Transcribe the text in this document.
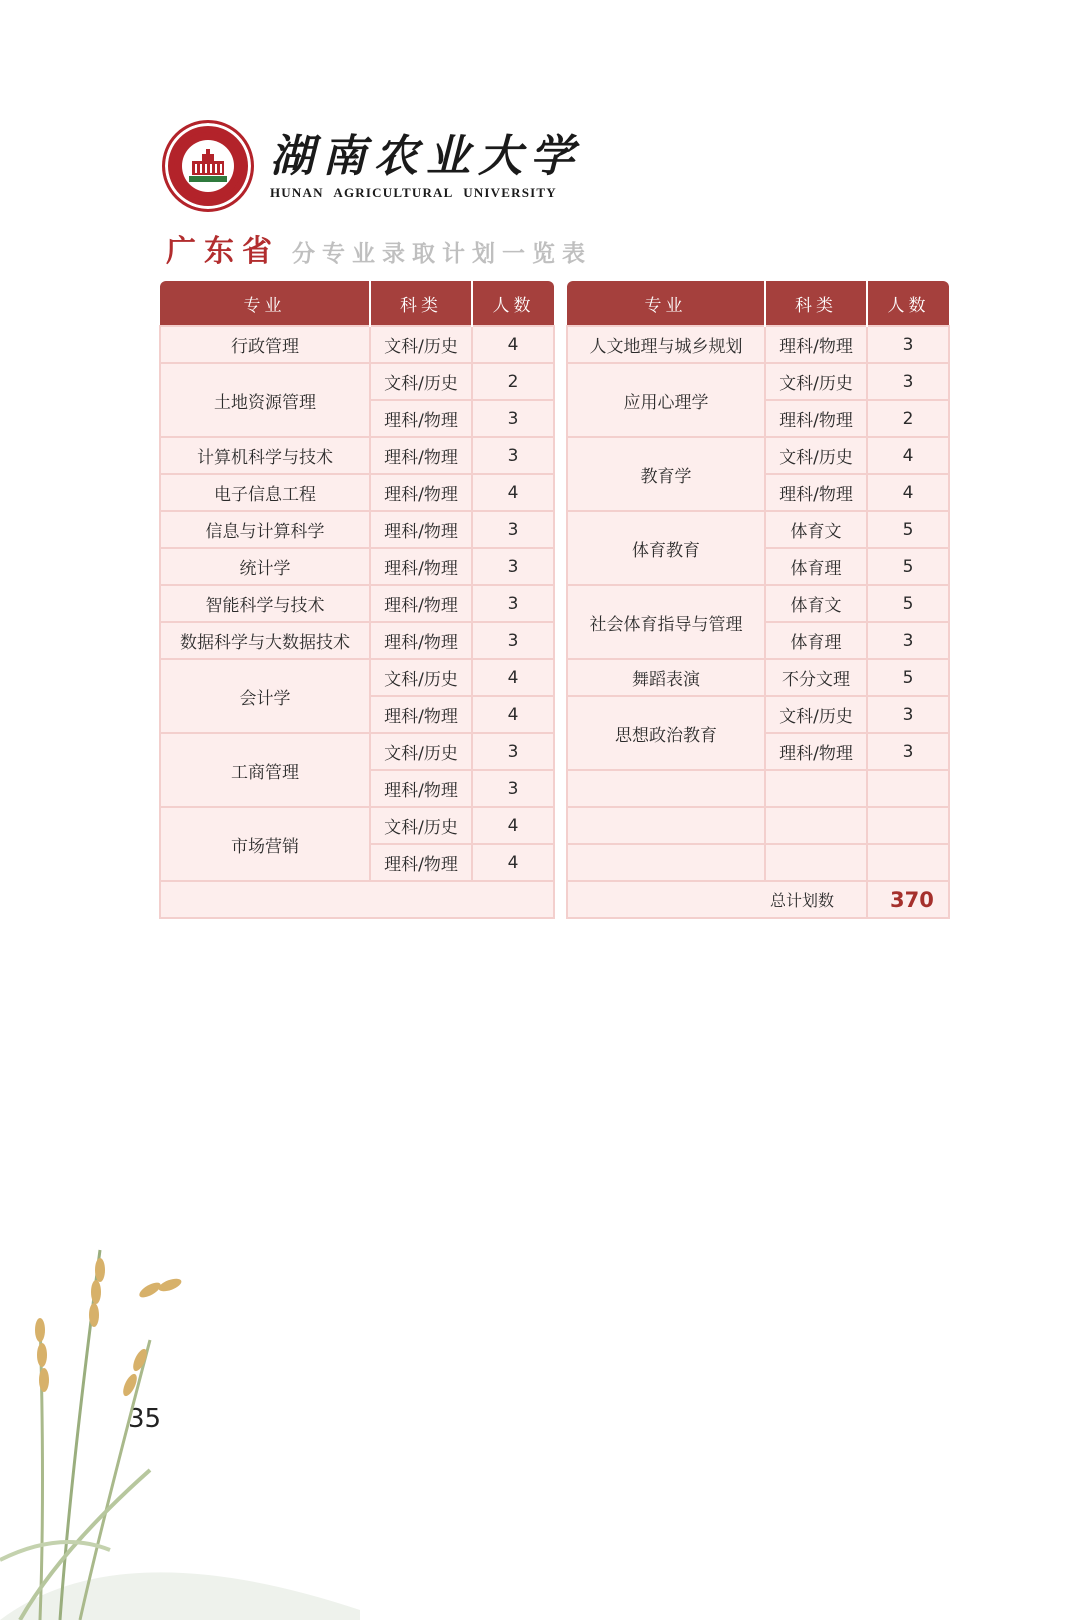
湖南农业大学
HUNAN AGRICULTURAL UNIVERSITY
广东省 分专业录取计划一览表
专业	科类	人数
行政管理	文科/历史	4
土地资源管理	文科/历史	2
	理科/物理	3
计算机科学与技术	理科/物理	3
电子信息工程	理科/物理	4
信息与计算科学	理科/物理	3
统计学	理科/物理	3
智能科学与技术	理科/物理	3
数据科学与大数据技术	理科/物理	3
会计学	文科/历史	4
	理科/物理	4
工商管理	文科/历史	3
	理科/物理	3
市场营销	文科/历史	4
	理科/物理	4

专业	科类	人数
人文地理与城乡规划	理科/物理	3
应用心理学	文科/历史	3
	理科/物理	2
教育学	文科/历史	4
	理科/物理	4
体育教育	体育文	5
	体育理	5
社会体育指导与管理	体育文	5
	体育理	3
舞蹈表演	不分文理	5
思想政治教育	文科/历史	3
	理科/物理	3

总计划数		370
35
